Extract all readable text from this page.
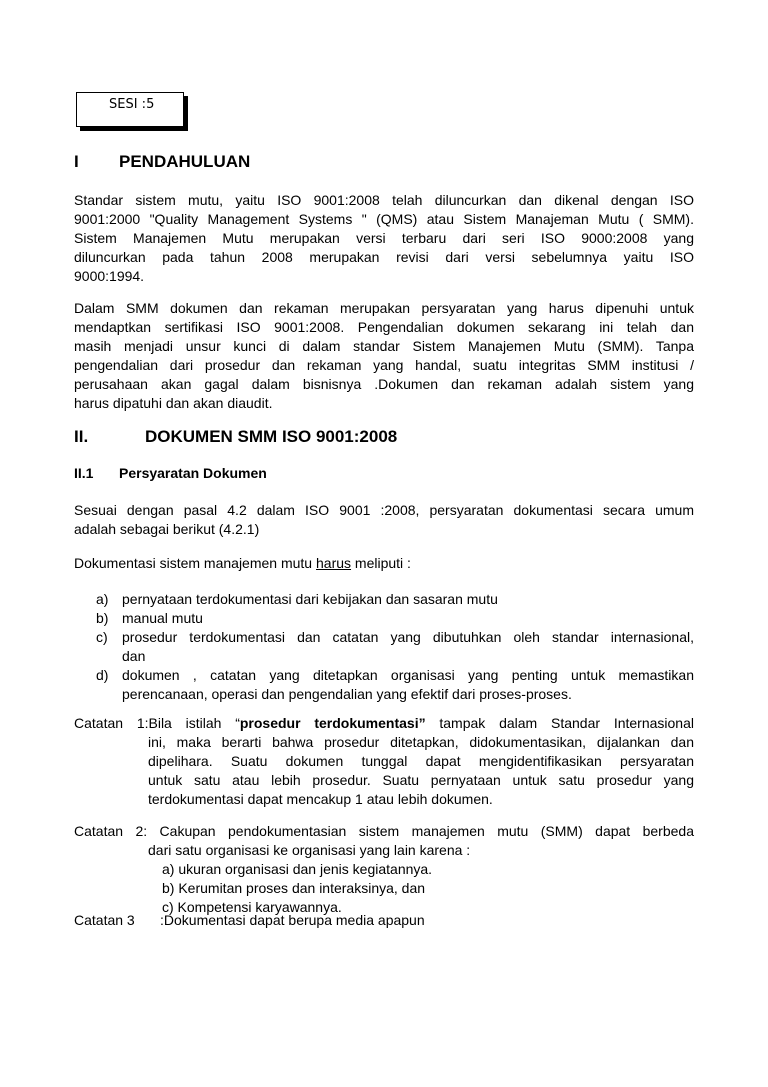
SESI :5
I PENDAHULUAN
Standar sistem mutu, yaitu ISO 9001:2008 telah diluncurkan dan dikenal dengan ISO
9001:2000 "Quality Management Systems " (QMS) atau Sistem Manajeman Mutu ( SMM).
Sistem Manajemen Mutu merupakan versi terbaru dari seri ISO 9000:2008 yang
diluncurkan pada tahun 2008 merupakan revisi dari versi sebelumnya yaitu ISO
9000:1994.
Dalam SMM dokumen dan rekaman merupakan persyaratan yang harus dipenuhi untuk
mendaptkan sertifikasi ISO 9001:2008. Pengendalian dokumen sekarang ini telah dan
masih menjadi unsur kunci di dalam standar Sistem Manajemen Mutu (SMM). Tanpa
pengendalian dari prosedur dan rekaman yang handal, suatu integritas SMM institusi /
perusahaan akan gagal dalam bisnisnya .Dokumen dan rekaman adalah sistem yang
harus dipatuhi dan akan diaudit.
II.	DOKUMEN SMM ISO 9001:2008
II.1 Persyaratan Dokumen
Sesuai dengan pasal 4.2 dalam ISO 9001 :2008, persyaratan dokumentasi secara umum
adalah sebagai berikut (4.2.1)
Dokumentasi sistem manajemen mutu harus meliputi :
a) pernyataan terdokumentasi dari kebijakan dan sasaran mutu
b) manual mutu
c) prosedur terdokumentasi dan catatan yang dibutuhkan oleh standar internasional,
dan
d) dokumen , catatan yang ditetapkan organisasi yang penting untuk memastikan
perencanaan, operasi dan pengendalian yang efektif dari proses-proses.
Catatan 1:Bila istilah “prosedur terdokumentasi” tampak dalam Standar Internasional
ini, maka berarti bahwa prosedur ditetapkan, didokumentasikan, dijalankan dan
dipelihara. Suatu dokumen tunggal dapat mengidentifikasikan persyaratan
untuk satu atau lebih prosedur. Suatu pernyataan untuk satu prosedur yang
terdokumentasi dapat mencakup 1 atau lebih dokumen.
Catatan 2: Cakupan pendokumentasian sistem manajemen mutu (SMM) dapat berbeda
dari satu organisasi ke organisasi yang lain karena :
a) ukuran organisasi dan jenis kegiatannya.
b) Kerumitan proses dan interaksinya, dan
c) Kompetensi karyawannya.
Catatan 3 :Dokumentasi dapat berupa media apapun
